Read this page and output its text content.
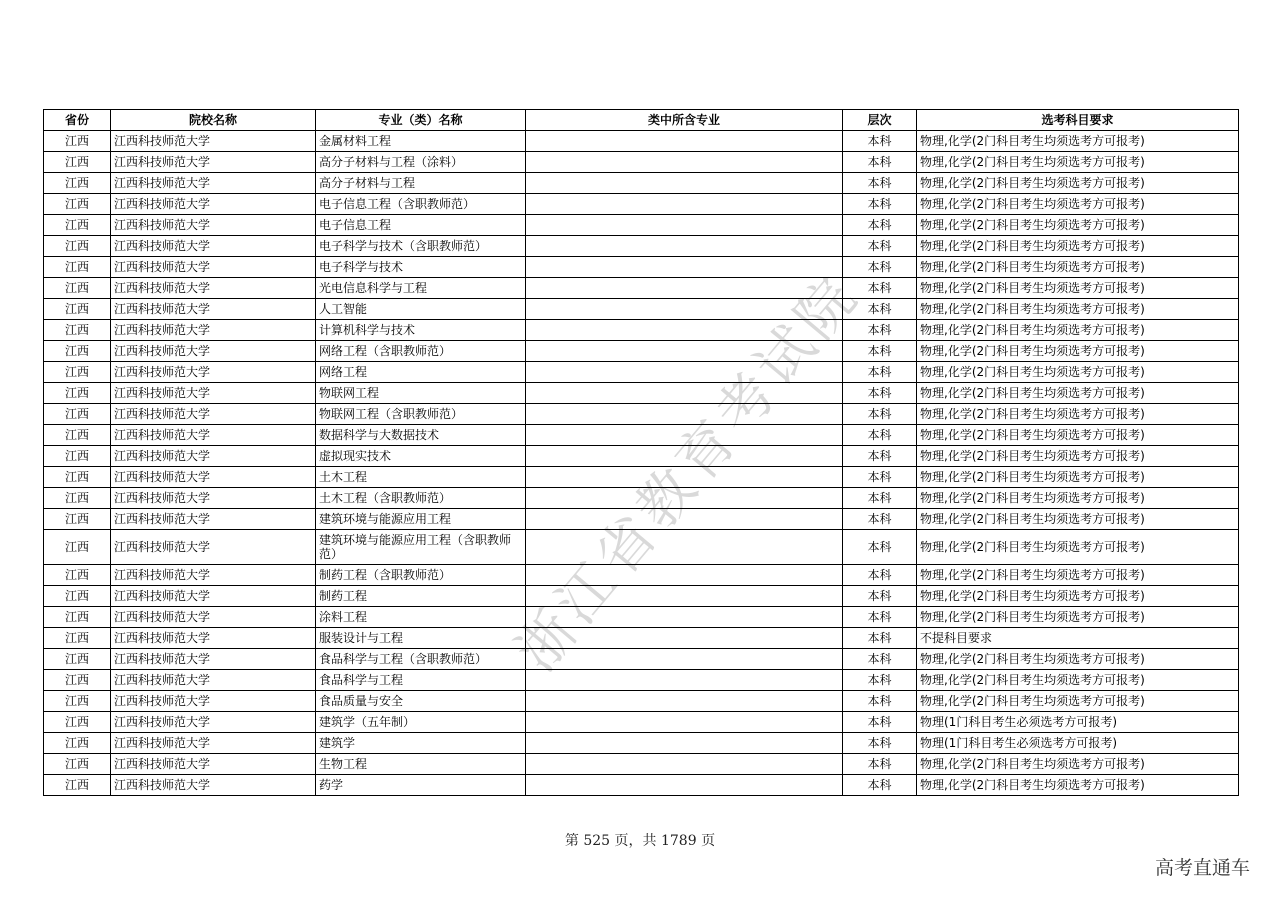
浙江省教育考试院
省份	院校名称	专业（类）名称	类中所含专业	层次	选考科目要求
江西	江西科技师范大学	金属材料工程		本科	物理,化学(2门科目考生均须选考方可报考)
江西	江西科技师范大学	高分子材料与工程（涂料）		本科	物理,化学(2门科目考生均须选考方可报考)
江西	江西科技师范大学	高分子材料与工程		本科	物理,化学(2门科目考生均须选考方可报考)
江西	江西科技师范大学	电子信息工程（含职教师范）		本科	物理,化学(2门科目考生均须选考方可报考)
江西	江西科技师范大学	电子信息工程		本科	物理,化学(2门科目考生均须选考方可报考)
江西	江西科技师范大学	电子科学与技术（含职教师范）		本科	物理,化学(2门科目考生均须选考方可报考)
江西	江西科技师范大学	电子科学与技术		本科	物理,化学(2门科目考生均须选考方可报考)
江西	江西科技师范大学	光电信息科学与工程		本科	物理,化学(2门科目考生均须选考方可报考)
江西	江西科技师范大学	人工智能		本科	物理,化学(2门科目考生均须选考方可报考)
江西	江西科技师范大学	计算机科学与技术		本科	物理,化学(2门科目考生均须选考方可报考)
江西	江西科技师范大学	网络工程（含职教师范）		本科	物理,化学(2门科目考生均须选考方可报考)
江西	江西科技师范大学	网络工程		本科	物理,化学(2门科目考生均须选考方可报考)
江西	江西科技师范大学	物联网工程		本科	物理,化学(2门科目考生均须选考方可报考)
江西	江西科技师范大学	物联网工程（含职教师范）		本科	物理,化学(2门科目考生均须选考方可报考)
江西	江西科技师范大学	数据科学与大数据技术		本科	物理,化学(2门科目考生均须选考方可报考)
江西	江西科技师范大学	虚拟现实技术		本科	物理,化学(2门科目考生均须选考方可报考)
江西	江西科技师范大学	土木工程		本科	物理,化学(2门科目考生均须选考方可报考)
江西	江西科技师范大学	土木工程（含职教师范）		本科	物理,化学(2门科目考生均须选考方可报考)
江西	江西科技师范大学	建筑环境与能源应用工程		本科	物理,化学(2门科目考生均须选考方可报考)
江西	江西科技师范大学	建筑环境与能源应用工程（含职教师范）		本科	物理,化学(2门科目考生均须选考方可报考)
江西	江西科技师范大学	制药工程（含职教师范）		本科	物理,化学(2门科目考生均须选考方可报考)
江西	江西科技师范大学	制药工程		本科	物理,化学(2门科目考生均须选考方可报考)
江西	江西科技师范大学	涂料工程		本科	物理,化学(2门科目考生均须选考方可报考)
江西	江西科技师范大学	服装设计与工程		本科	不提科目要求
江西	江西科技师范大学	食品科学与工程（含职教师范）		本科	物理,化学(2门科目考生均须选考方可报考)
江西	江西科技师范大学	食品科学与工程		本科	物理,化学(2门科目考生均须选考方可报考)
江西	江西科技师范大学	食品质量与安全		本科	物理,化学(2门科目考生均须选考方可报考)
江西	江西科技师范大学	建筑学（五年制）		本科	物理(1门科目考生必须选考方可报考)
江西	江西科技师范大学	建筑学		本科	物理(1门科目考生必须选考方可报考)
江西	江西科技师范大学	生物工程		本科	物理,化学(2门科目考生均须选考方可报考)
江西	江西科技师范大学	药学		本科	物理,化学(2门科目考生均须选考方可报考)
第 525 页，共 1789 页
高考直通车
